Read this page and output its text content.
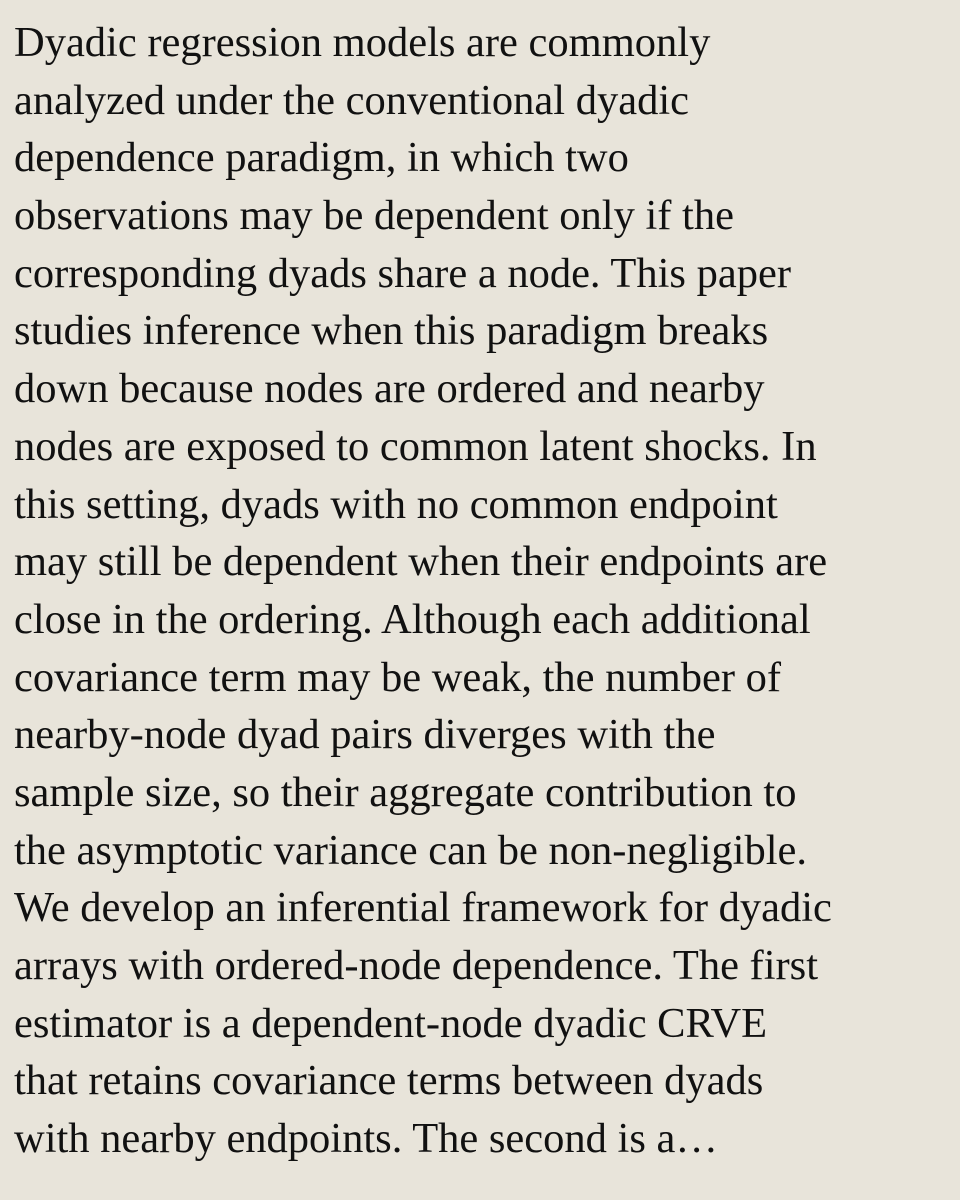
Dyadic regression models are commonly
analyzed under the conventional dyadic
dependence paradigm, in which two
observations may be dependent only if the
corresponding dyads share a node. This paper
studies inference when this paradigm breaks
down because nodes are ordered and nearby
nodes are exposed to common latent shocks. In
this setting, dyads with no common endpoint
may still be dependent when their endpoints are
close in the ordering. Although each additional
covariance term may be weak, the number of
nearby-node dyad pairs diverges with the
sample size, so their aggregate contribution to
the asymptotic variance can be non-negligible.
We develop an inferential framework for dyadic
arrays with ordered-node dependence. The first
estimator is a dependent-node dyadic CRVE
that retains covariance terms between dyads
with nearby endpoints. The second is a…
